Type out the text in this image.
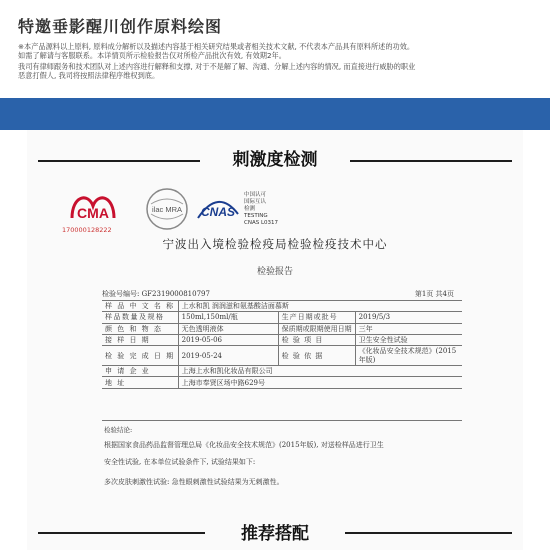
特邀垂影醒川创作原料绘图
※本产品源料以上原料, 原料成分解析以及描述内容基于相关研究结果或者相关技术文献, 不代表本产品具有原料所述的功效。
如需了解请与客服联系。本详情页所示检验报告仅对所检产品批次有效, 有效期2年。
我司有律师跟务和技术团队对上述内容进行解释和支撑, 对于不是解了解、沟通、分解上述内容的情况, 而直接进行威胁的职业
恶意打假人, 我司将按照法律程序维权到底。
刺激度检测
CMA
170000128222
ilac MRA CNAS
中国认可
国际互认
检测
TESTING
CNAS L0317
宁波出入境检验检疫局检验检疫技术中心
检验报告
检验号编号: GF2319000810797	第1页 共4页
样 品 中 文 名 称	上水和凯 润润滋和氨基酸洁面慕斯		
样品数量及规格	150ml,150ml/瓶	生产日期或批号	2019/5/3
颜 色 和 物 态	无色透明液体	保质期或限期使用日期	三年
接 样 日 期	2019-05-06	检 验 项 目	卫生安全性试验
检 验 完 成 日 期	2019-05-24	检 验 依 据	《化妆品安全技术规范》(2015年版)
申 请 企 业	上海上水和凯化妆品有限公司		
地 址	上海市奉贤区场中路629号		
检验结论:
根据国家食品药品监督管理总局《化妆品安全技术规范》(2015年版), 对送检样品进行卫生
安全性试验, 在本单位试验条件下, 试验结果如下:
多次皮肤刺激性试验: 急性眼刺激性试验结果为无刺激性。
推荐搭配
